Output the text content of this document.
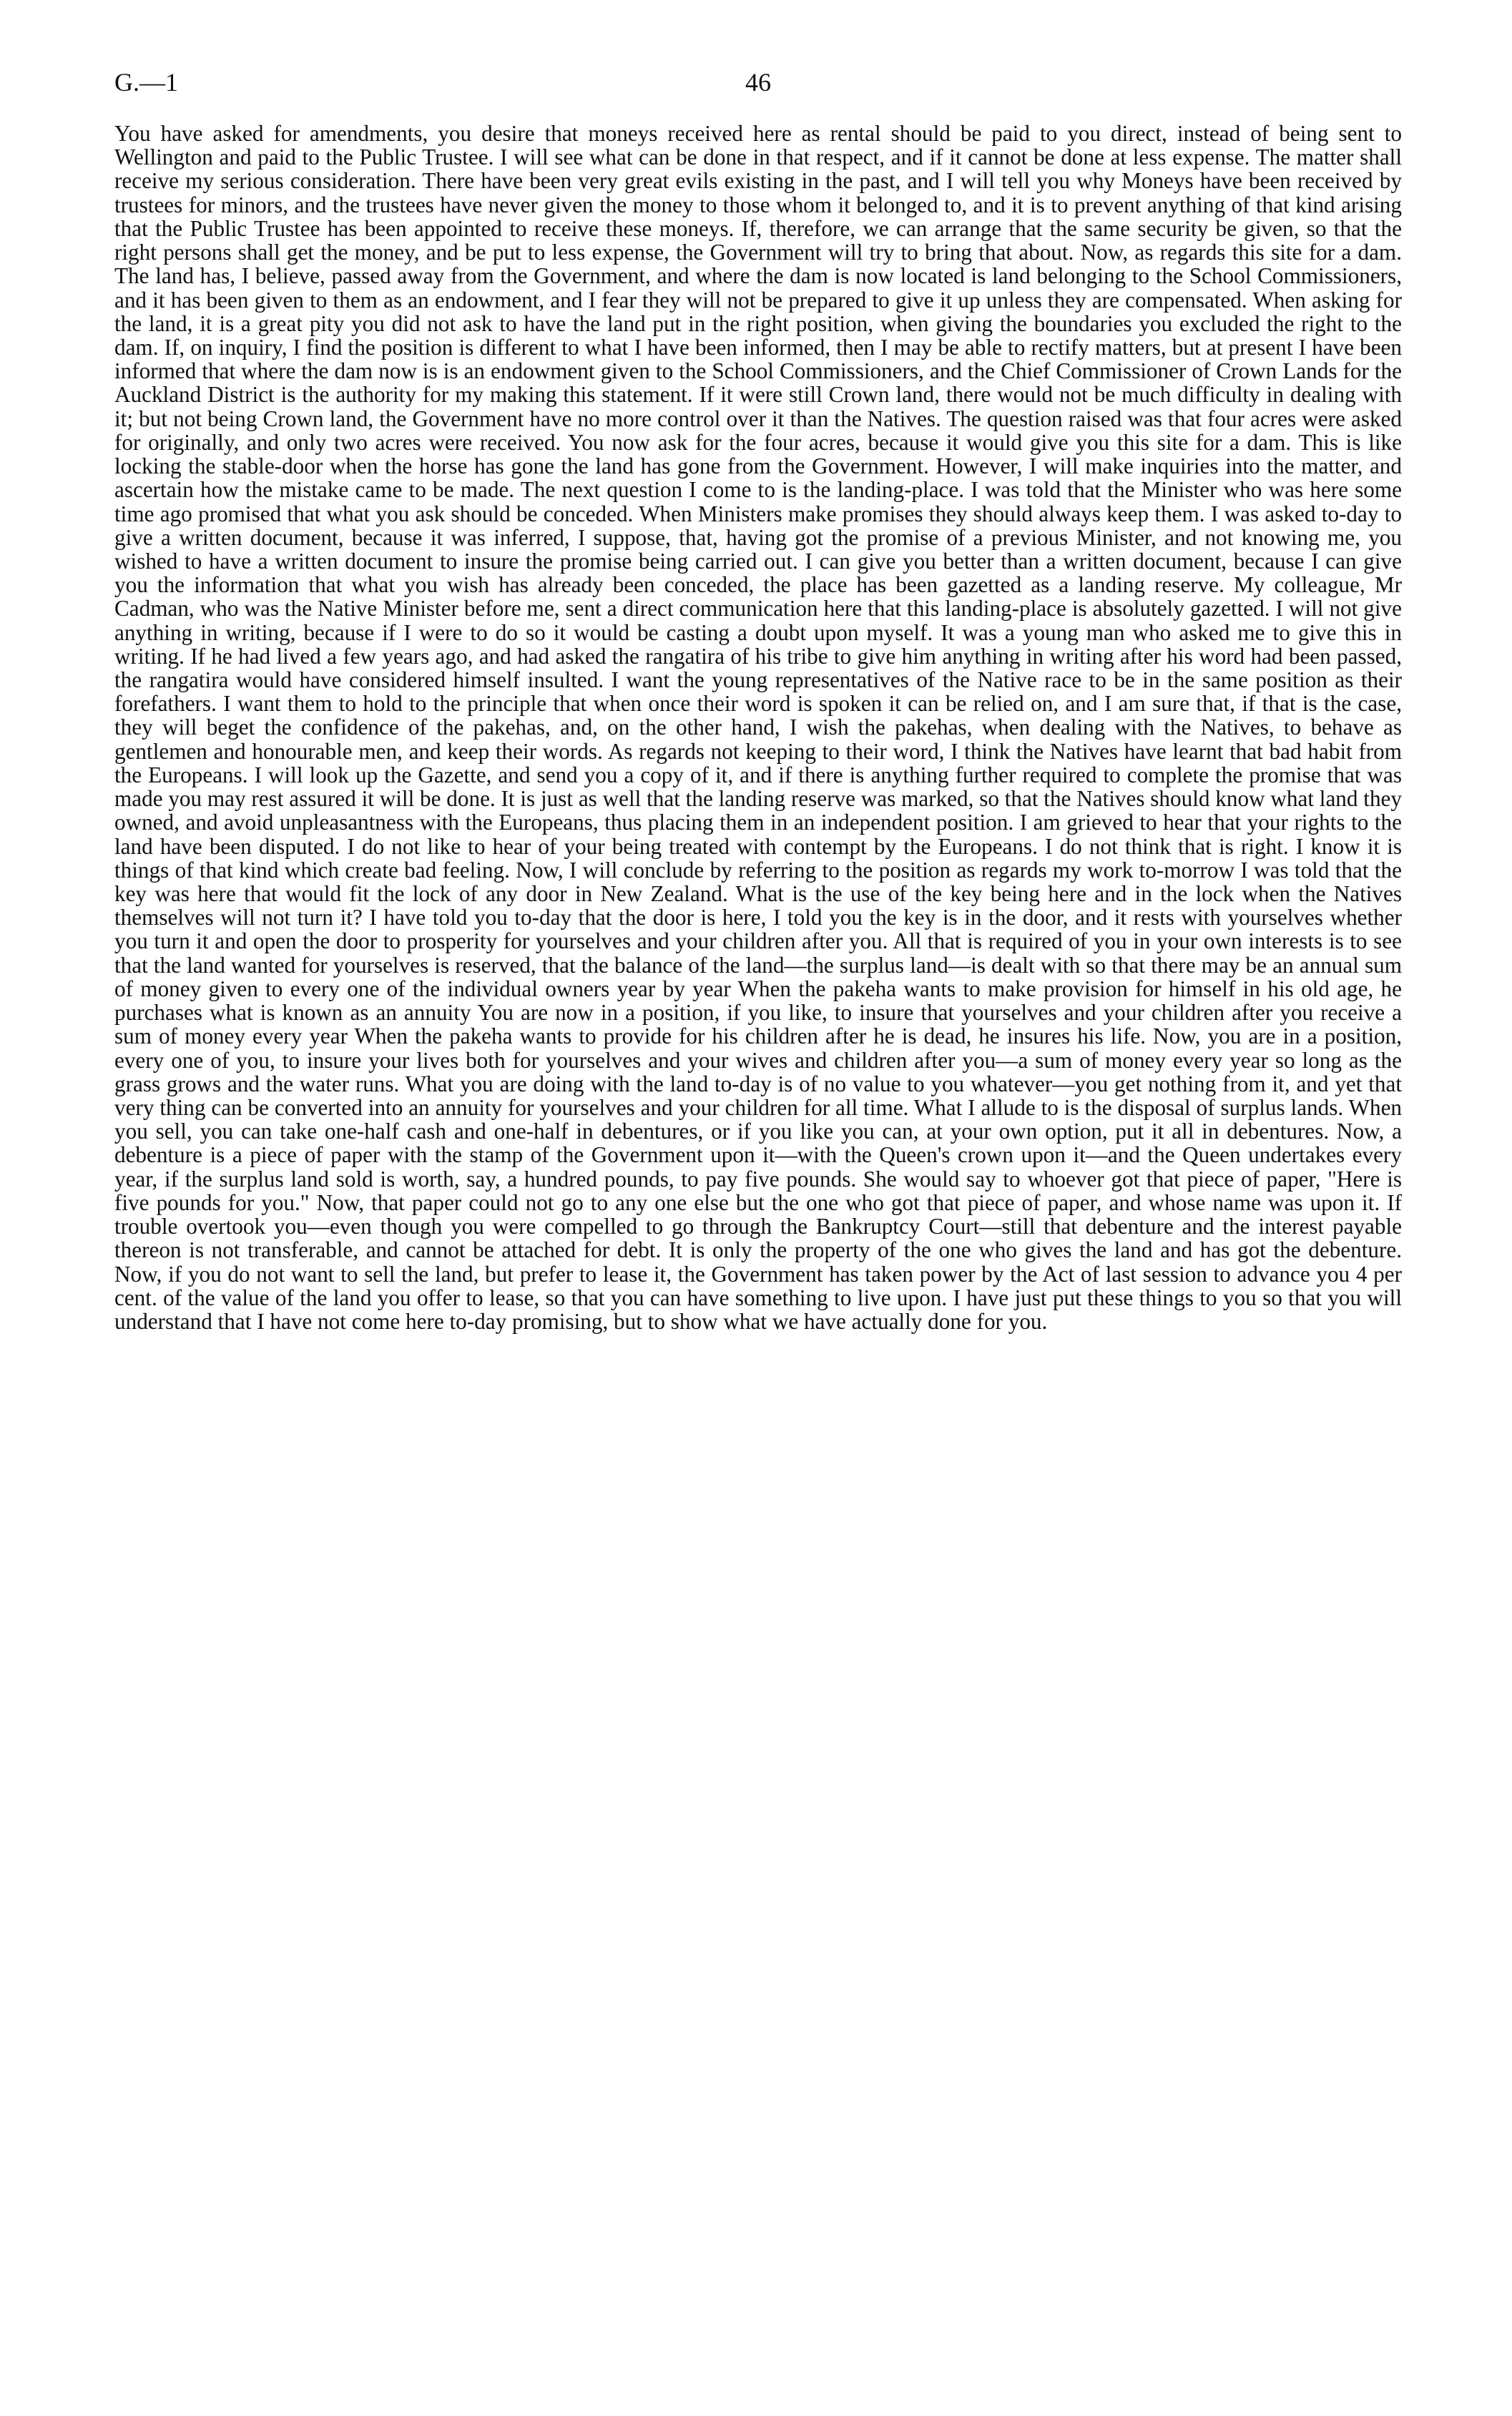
G.—1	46

You have asked for amendments, you desire that moneys received here as rental should be paid to you direct, instead of being sent to Wellington and paid to the Public Trustee. I will see what can be done in that respect, and if it cannot be done at less expense. The matter shall receive my serious consideration. There have been very great evils existing in the past, and I will tell you why Moneys have been received by trustees for minors, and the trustees have never given the money to those whom it belonged to, and it is to prevent anything of that kind arising that the Public Trustee has been appointed to receive these moneys. If, therefore, we can arrange that the same security be given, so that the right persons shall get the money, and be put to less expense, the Government will try to bring that about. Now, as regards this site for a dam. The land has, I believe, passed away from the Government, and where the dam is now located is land belonging to the School Commissioners, and it has been given to them as an endowment, and I fear they will not be prepared to give it up unless they are compensated. When asking for the land, it is a great pity you did not ask to have the land put in the right position, when giving the boundaries you excluded the right to the dam. If, on inquiry, I find the position is different to what I have been informed, then I may be able to rectify matters, but at present I have been informed that where the dam now is is an endowment given to the School Commissioners, and the Chief Commissioner of Crown Lands for the Auckland District is the authority for my making this statement. If it were still Crown land, there would not be much difficulty in dealing with it; but not being Crown land, the Government have no more control over it than the Natives. The question raised was that four acres were asked for originally, and only two acres were received. You now ask for the four acres, because it would give you this site for a dam. This is like locking the stable-door when the horse has gone the land has gone from the Government. However, I will make inquiries into the matter, and ascertain how the mistake came to be made. The next question I come to is the landing-place. I was told that the Minister who was here some time ago promised that what you ask should be conceded. When Ministers make promises they should always keep them. I was asked to-day to give a written document, because it was inferred, I suppose, that, having got the promise of a previous Minister, and not knowing me, you wished to have a written document to insure the promise being carried out. I can give you better than a written document, because I can give you the information that what you wish has already been conceded, the place has been gazetted as a landing reserve. My colleague, Mr Cadman, who was the Native Minister before me, sent a direct communication here that this landing-place is absolutely gazetted. I will not give anything in writing, because if I were to do so it would be casting a doubt upon myself. It was a young man who asked me to give this in writing. If he had lived a few years ago, and had asked the rangatira of his tribe to give him anything in writing after his word had been passed, the rangatira would have considered himself insulted. I want the young representatives of the Native race to be in the same position as their forefathers. I want them to hold to the principle that when once their word is spoken it can be relied on, and I am sure that, if that is the case, they will beget the confidence of the pakehas, and, on the other hand, I wish the pakehas, when dealing with the Natives, to behave as gentlemen and honourable men, and keep their words. As regards not keeping to their word, I think the Natives have learnt that bad habit from the Europeans. I will look up the Gazette, and send you a copy of it, and if there is anything further required to complete the promise that was made you may rest assured it will be done. It is just as well that the landing reserve was marked, so that the Natives should know what land they owned, and avoid unpleasantness with the Europeans, thus placing them in an independent position. I am grieved to hear that your rights to the land have been disputed. I do not like to hear of your being treated with contempt by the Europeans. I do not think that is right. I know it is things of that kind which create bad feeling. Now, I will conclude by referring to the position as regards my work to-morrow I was told that the key was here that would fit the lock of any door in New Zealand. What is the use of the key being here and in the lock when the Natives themselves will not turn it? I have told you to-day that the door is here, I told you the key is in the door, and it rests with yourselves whether you turn it and open the door to prosperity for yourselves and your children after you. All that is required of you in your own interests is to see that the land wanted for yourselves is reserved, that the balance of the land—the surplus land—is dealt with so that there may be an annual sum of money given to every one of the individual owners year by year When the pakeha wants to make provision for himself in his old age, he purchases what is known as an annuity You are now in a position, if you like, to insure that yourselves and your children after you receive a sum of money every year When the pakeha wants to provide for his children after he is dead, he insures his life. Now, you are in a position, every one of you, to insure your lives both for yourselves and your wives and children after you—a sum of money every year so long as the grass grows and the water runs. What you are doing with the land to-day is of no value to you whatever—you get nothing from it, and yet that very thing can be converted into an annuity for yourselves and your children for all time. What I allude to is the disposal of surplus lands. When you sell, you can take one-half cash and one-half in debentures, or if you like you can, at your own option, put it all in debentures. Now, a debenture is a piece of paper with the stamp of the Government upon it—with the Queen's crown upon it—and the Queen undertakes every year, if the surplus land sold is worth, say, a hundred pounds, to pay five pounds. She would say to whoever got that piece of paper, "Here is five pounds for you." Now, that paper could not go to any one else but the one who got that piece of paper, and whose name was upon it. If trouble overtook you—even though you were compelled to go through the Bankruptcy Court—still that debenture and the interest payable thereon is not transferable, and cannot be attached for debt. It is only the property of the one who gives the land and has got the debenture. Now, if you do not want to sell the land, but prefer to lease it, the Government has taken power by the Act of last session to advance you 4 per cent. of the value of the land you offer to lease, so that you can have something to live upon. I have just put these things to you so that you will understand that I have not come here to-day promising, but to show what we have actually done for you.
